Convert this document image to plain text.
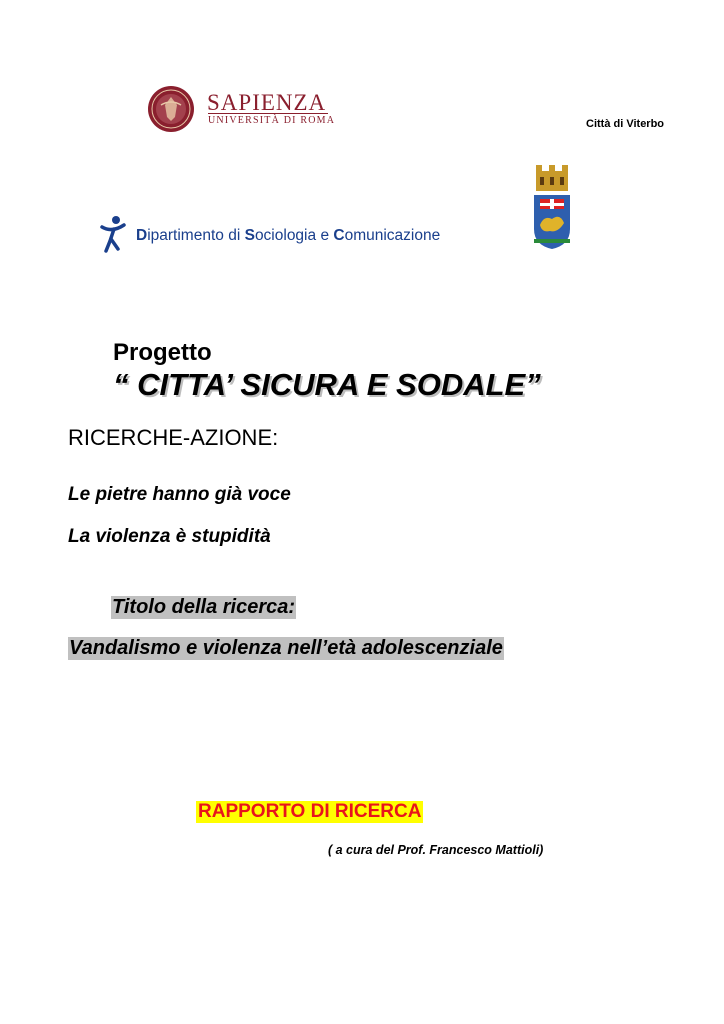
SAPIENZA
UNIVERSITÀ DI ROMA	Città di Viterbo
Dipartimento di Sociologia e Comunicazione
Progetto
“ CITTA’ SICURA E SODALE”
RICERCHE-AZIONE:
Le pietre hanno già voce
La violenza è stupidità
Titolo della ricerca:
Vandalismo e violenza nell’età adolescenziale
RAPPORTO DI RICERCA
( a cura del Prof. Francesco Mattioli)
